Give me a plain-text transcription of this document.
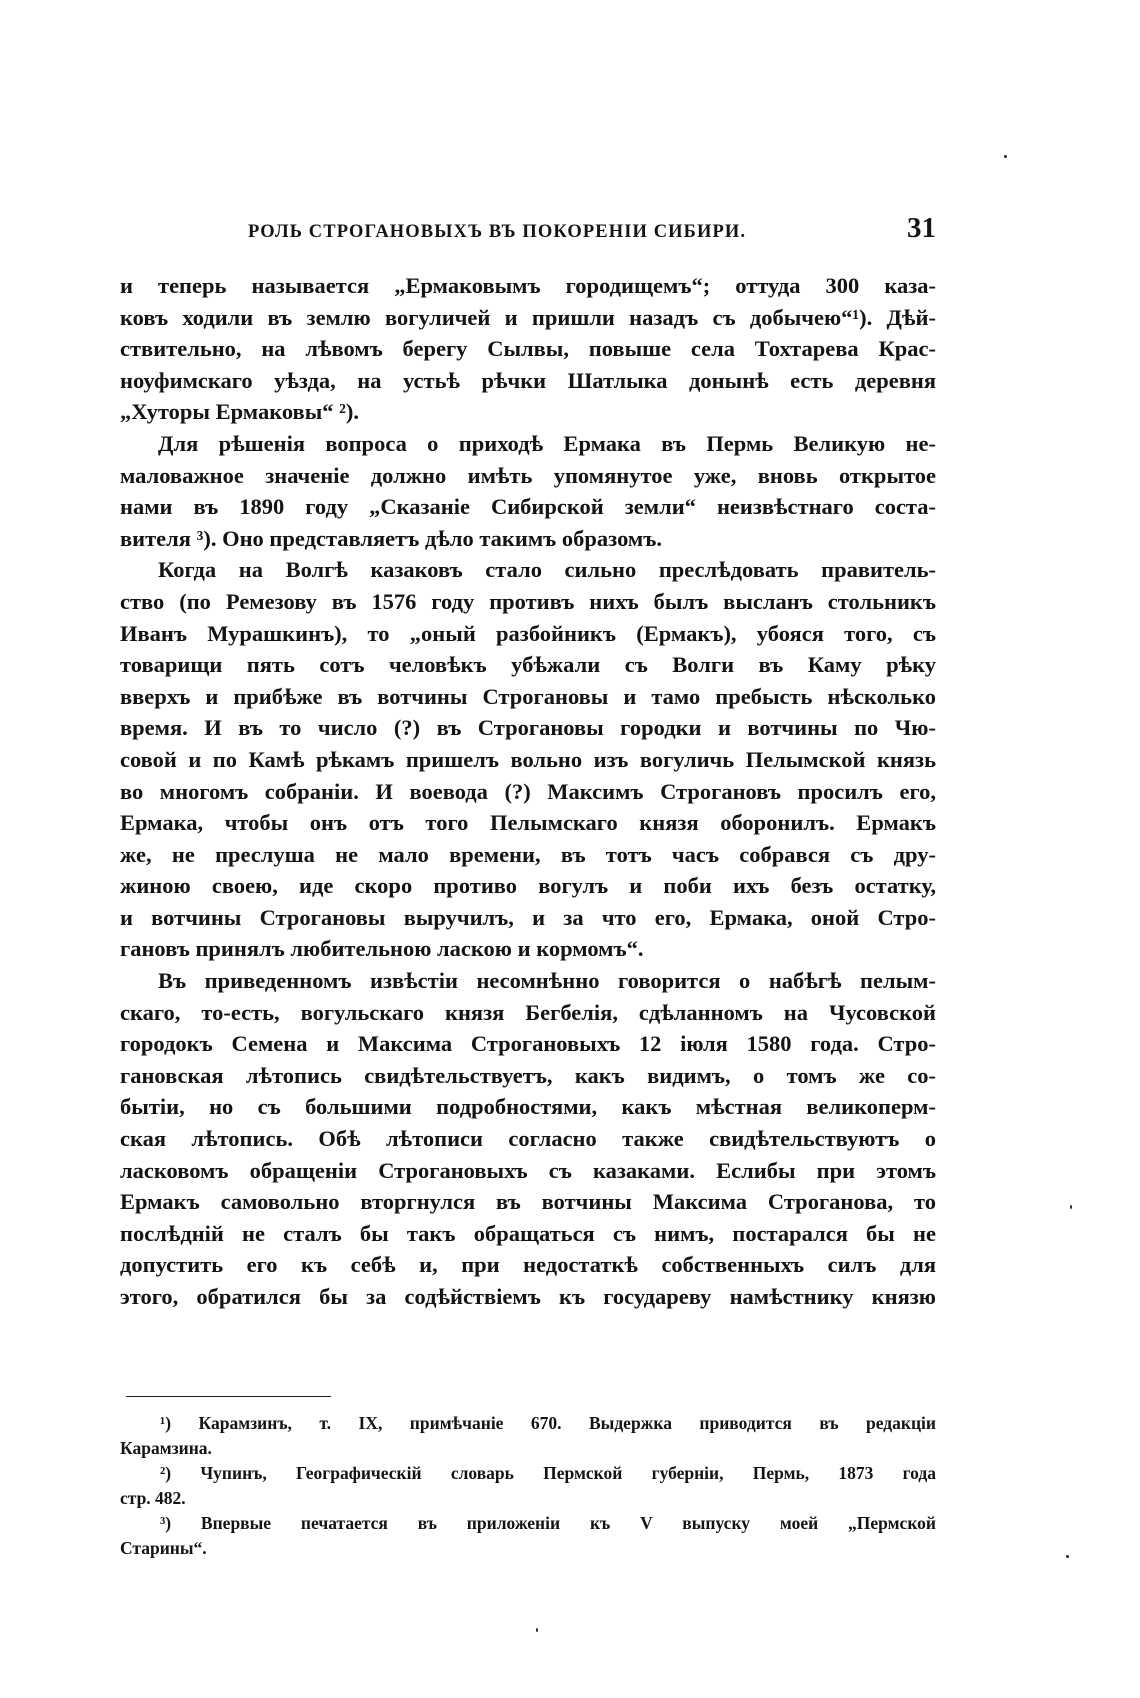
РОЛЬ СТРОГАНОВЫХЪ ВЪ ПОКОРЕНІИ СИБИРИ.	31
и теперь называется „Ермаковымъ городищемъ“; оттуда 300 каза-
ковъ ходили въ землю вогуличей и пришли назадъ съ добычею“¹). Дѣй-
ствительно, на лѣвомъ берегу Сылвы, повыше села Тохтарева Крас-
ноуфимскаго уѣзда, на устьѣ рѣчки Шатлыка донынѣ есть деревня
„Хуторы Ермаковы“ ²).
Для рѣшенія вопроса о приходѣ Ермака въ Пермь Великую не-
маловажное значеніе должно имѣть упомянутое уже, вновь открытое
нами въ 1890 году „Сказаніе Сибирской земли“ неизвѣстнаго соста-
вителя ³). Оно представляетъ дѣло такимъ образомъ.
Когда на Волгѣ казаковъ стало сильно преслѣдовать правитель-
ство (по Ремезову въ 1576 году противъ нихъ былъ высланъ стольникъ
Иванъ Мурашкинъ), то „оный разбойникъ (Ермакъ), убояся того, съ
товарищи пять сотъ человѣкъ убѣжали съ Волги въ Каму рѣку
вверхъ и прибѣже въ вотчины Строгановы и тамо пребысть нѣсколько
время. И въ то число (?) въ Строгановы городки и вотчины по Чю-
совой и по Камѣ рѣкамъ пришелъ вольно изъ вогуличь Пелымской князь
во многомъ собраніи. И воевода (?) Максимъ Строгановъ просилъ его,
Ермака, чтобы онъ отъ того Пелымскаго князя оборонилъ. Ермакъ
же, не преслуша не мало времени, въ тотъ часъ собрався съ дру-
жиною своею, иде скоро противо вогулъ и поби ихъ безъ остатку,
и вотчины Строгановы выручилъ, и за что его, Ермака, оной Стро-
гановъ принялъ любительною ласкою и кормомъ“.
Въ приведенномъ извѣстіи несомнѣнно говорится о набѣгѣ пелым-
скаго, то-есть, вогульскаго князя Бегбелія, сдѣланномъ на Чусовской
городокъ Семена и Максима Строгановыхъ 12 іюля 1580 года. Стро-
гановская лѣтопись свидѣтельствуетъ, какъ видимъ, о томъ же со-
бытіи, но съ большими подробностями, какъ мѣстная великоперм-
ская лѣтопись. Обѣ лѣтописи согласно также свидѣтельствуютъ о
ласковомъ обращеніи Строгановыхъ съ казаками. Еслибы при этомъ
Ермакъ самовольно вторгнулся въ вотчины Максима Строганова, то
послѣдній не сталъ бы такъ обращаться съ нимъ, постарался бы не
допустить его къ себѣ и, при недостаткѣ собственныхъ силъ для
этого, обратился бы за содѣйствіемъ къ государеву намѣстнику князю
¹) Карамзинъ, т. IX, примѣчаніе 670. Выдержка приводится въ редакціи
Карамзина.
²) Чупинъ, Географическій словарь Пермской губерніи, Пермь, 1873 года
стр. 482.
³) Впервые печатается въ приложеніи къ V выпуску моей „Пермской
Старины“.
